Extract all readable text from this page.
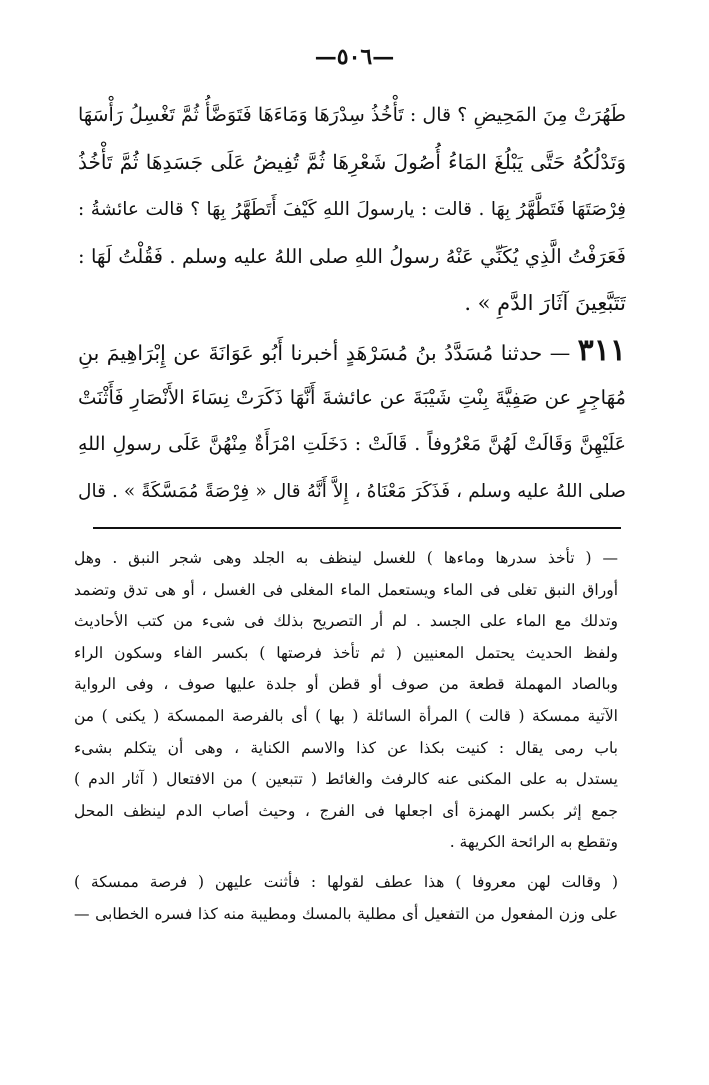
—٥٠٦—
طَهُرَتْ مِنَ المَحِيضِ ؟ قال : تَأْخُذُ سِدْرَهَا وَمَاءَهَا فَتَوَضَّأُ ثُمَّ تَغْسِلُ رَأْسَهَا
وَتَدْلُكُهُ حَتَّى يَبْلُغَ المَاءُ أُصُولَ شَعْرِهَا ثُمَّ تُفِيضُ عَلَى جَسَدِهَا ثُمَّ تَأْخُذُ
فِرْصَتَهَا فَتَطَّهَّرُ بِهَا . قالت : يارسولَ اللهِ كَيْفَ أَتَطَهَّرُ بِهَا ؟ قالت عائشةُ :
فَعَرَفْتُ الَّذِي يُكَنِّي عَنْهُ رسولُ اللهِ صلى اللهُ عليه وسلم . فَقُلْتُ لَهَا :
تَتَبَّعِينَ آثَارَ الدَّمِ » .
٣١١ — حدثنا مُسَدَّدُ بنُ مُسَرْهَدٍ أخبرنا أَبُو عَوَانَةَ عن إِبْرَاهِيمَ بنِ
مُهَاجِرٍ عن صَفِيَّةَ بِنْتِ شَيْبَةَ عن عائشةَ أَنَّهَا ذَكَرَتْ نِسَاءَ الأَنْصَارِ فَأَثْنَتْ
عَلَيْهِنَّ وَقَالَتْ لَهُنَّ مَعْرُوفاً . قَالَتْ : دَخَلَتِ امْرَأَةٌ مِنْهُنَّ عَلَى رسولِ اللهِ
صلى اللهُ عليه وسلم ، فَذَكَرَ مَعْنَاهُ ، إِلاَّ أَنَّهُ قال « فِرْصَةً مُمَسَّكَةً » . قال
— ( تأخذ سدرها وماءها ) للغسل لينظف به الجلد وهى شجر النبق . وهل
أوراق النبق تغلى فى الماء ويستعمل الماء المغلى فى الغسل ، أو هى تدق وتضمد
وتدلك مع الماء على الجسد . لم أر التصريح بذلك فى شىء من كتب الأحاديث
ولفظ الحديث يحتمل المعنيين ( ثم تأخذ فرصتها ) بكسر الفاء وسكون الراء
وبالصاد المهملة قطعة من صوف أو قطن أو جلدة عليها صوف ، وفى الرواية
الآتية ممسكة ( قالت ) المرأة السائلة ( بها ) أى بالفرصة الممسكة ( يكنى ) من
باب رمى يقال : كنيت بكذا عن كذا والاسم الكناية ، وهى أن يتكلم بشىء
يستدل به على المكنى عنه كالرفث والغائط ( تتبعين ) من الافتعال ( آثار الدم )
جمع إثر بكسر الهمزة أى اجعلها فى الفرج ، وحيث أصاب الدم لينظف المحل
وتقطع به الرائحة الكريهة .
( وقالت لهن معروفا ) هذا عطف لقولها : فأثنت عليهن ( فرصة ممسكة )
على وزن المفعول من التفعيل أى مطلية بالمسك ومطيبة منه كذا فسره الخطابى —
